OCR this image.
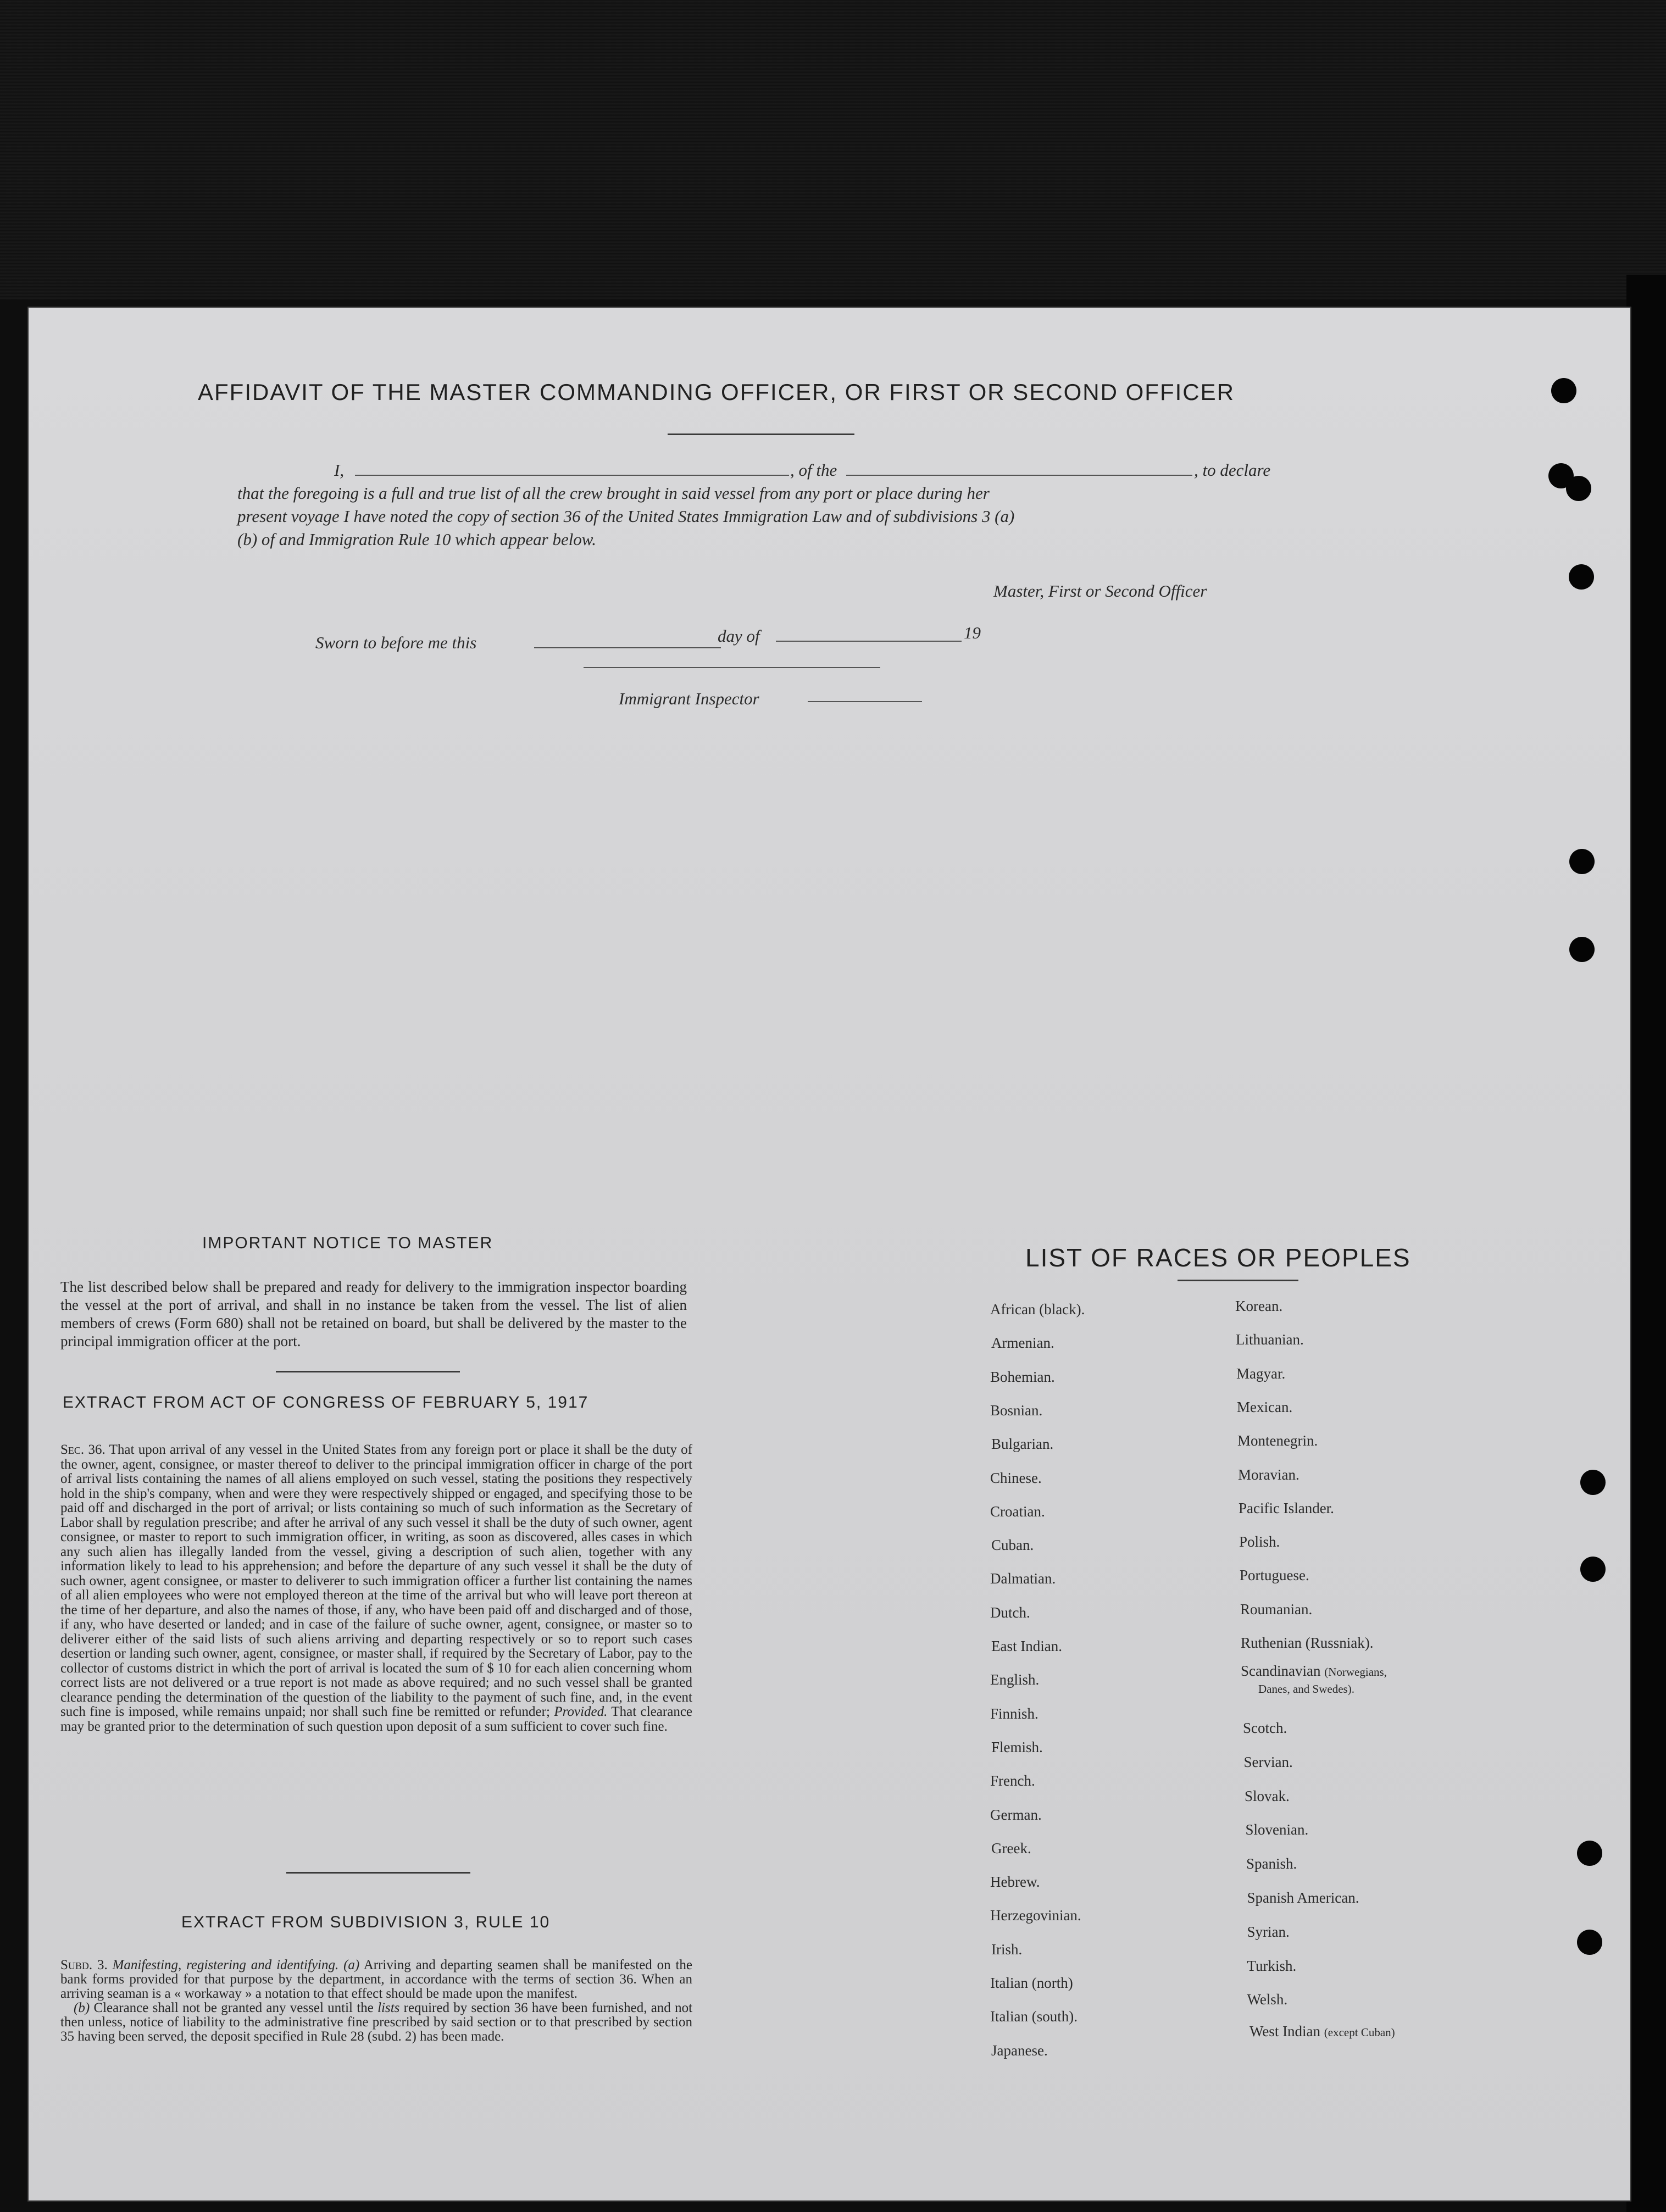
AFFIDAVIT OF THE MASTER COMMANDING OFFICER, OR FIRST OR SECOND OFFICER
I,	, of the	, to declare
that the foregoing is a full and true list of all the crew brought in said vessel from any port or place during her
present voyage I have noted the copy of section 36 of the United States Immigration Law and of subdivisions 3 (a)
(b) of and Immigration Rule 10 which appear below.
Master, First or Second Officer
Sworn to before me this	day of	19
Immigrant Inspector
IMPORTANT NOTICE TO MASTER
The list described below shall be prepared and ready for delivery to the immigration inspector boarding the vessel at the port of arrival, and shall in no instance be taken from the vessel. The list of alien members of crews (Form 680) shall not be retained on board, but shall be delivered by the master to the principal immigration officer at the port.
EXTRACT FROM ACT OF CONGRESS OF FEBRUARY 5, 1917
Sec. 36. That upon arrival of any vessel in the United States from any foreign port or place it shall be the duty of the owner, agent, consignee, or master thereof to deliver to the principal immigration officer in charge of the port of arrival lists containing the names of all aliens employed on such vessel, stating the positions they respectively hold in the ship's company, when and were they were respectively shipped or engaged, and specifying those to be paid off and discharged in the port of arrival; or lists containing so much of such information as the Secretary of Labor shall by regulation prescribe; and after he arrival of any such vessel it shall be the duty of such owner, agent consignee, or master to report to such immigration officer, in writing, as soon as discovered, alles cases in which any such alien has illegally landed from the vessel, giving a description of such alien, together with any information likely to lead to his apprehension; and before the departure of any such vessel it shall be the duty of such owner, agent consignee, or master to deliverer to such immigration officer a further list containing the names of all alien employees who were not employed thereon at the time of the arrival but who will leave port thereon at the time of her departure, and also the names of those, if any, who have been paid off and discharged and of those, if any, who have deserted or landed; and in case of the failure of suche owner, agent, consignee, or master so to deliverer either of the said lists of such aliens arriving and departing respectively or so to report such cases desertion or landing such owner, agent, consignee, or master shall, if required by the Secretary of Labor, pay to the collector of customs district in which the port of arrival is located the sum of $ 10 for each alien concerning whom correct lists are not delivered or a true report is not made as above required; and no such vessel shall be granted clearance pending the determination of the question of the liability to the payment of such fine, and, in the event such fine is imposed, while remains unpaid; nor shall such fine be remitted or refunder; Provided. That clearance may be granted prior to the determination of such question upon deposit of a sum sufficient to cover such fine.
EXTRACT FROM SUBDIVISION 3, RULE 10
Subd. 3. Manifesting, registering and identifying. (a) Arriving and departing seamen shall be manifested on the bank forms provided for that purpose by the department, in accordance with the terms of section 36. When an arriving seaman is a « workaway » a notation to that effect should be made upon the manifest.
(b) Clearance shall not be granted any vessel until the lists required by section 36 have been furnished, and not then unless, notice of liability to the administrative fine prescribed by said section or to that prescribed by section 35 having been served, the deposit specified in Rule 28 (subd. 2) has been made.
LIST OF RACES OR PEOPLES
African (black).
Armenian.
Bohemian.
Bosnian.
Bulgarian.
Chinese.
Croatian.
Cuban.
Dalmatian.
Dutch.
East Indian.
English.
Finnish.
Flemish.
French.
German.
Greek.
Hebrew.
Herzegovinian.
Irish.
Italian (north)
Italian (south).
Japanese.
Korean.
Lithuanian.
Magyar.
Mexican.
Montenegrin.
Moravian.
Pacific Islander.
Polish.
Portuguese.
Roumanian.
Ruthenian (Russniak).
Scotch.
Servian.
Slovak.
Slovenian.
Spanish.
Spanish American.
Syrian.
Turkish.
Welsh.
Scandinavian (Norwegians,
Danes, and Swedes).
West Indian (except Cuban)
